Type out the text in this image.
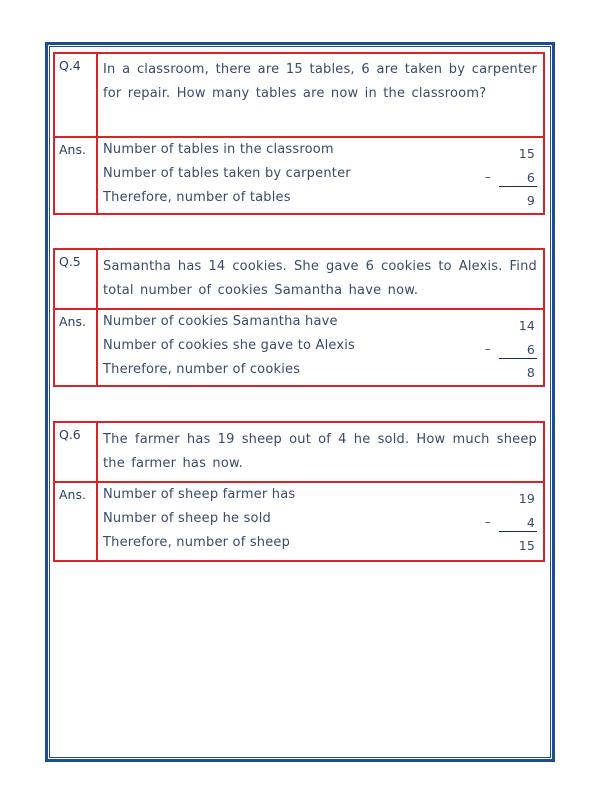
Q.4	In a classroom, there are 15 tables, 6 are taken by carpenter for repair. How many tables are now in the classroom?
Ans.	Number of tables in the classroom	15
Number of tables taken by carpenter	–	6
Therefore, number of tables	9
Q.5	Samantha has 14 cookies. She gave 6 cookies to Alexis. Find total number of cookies Samantha have now.
Ans.	Number of cookies Samantha have	14
Number of cookies she gave to Alexis	–	6
Therefore, number of cookies	8
Q.6	The farmer has 19 sheep out of 4 he sold. How much sheep the farmer has now.
Ans.	Number of sheep farmer has	19
Number of sheep he sold	–	4
Therefore, number of sheep	15
